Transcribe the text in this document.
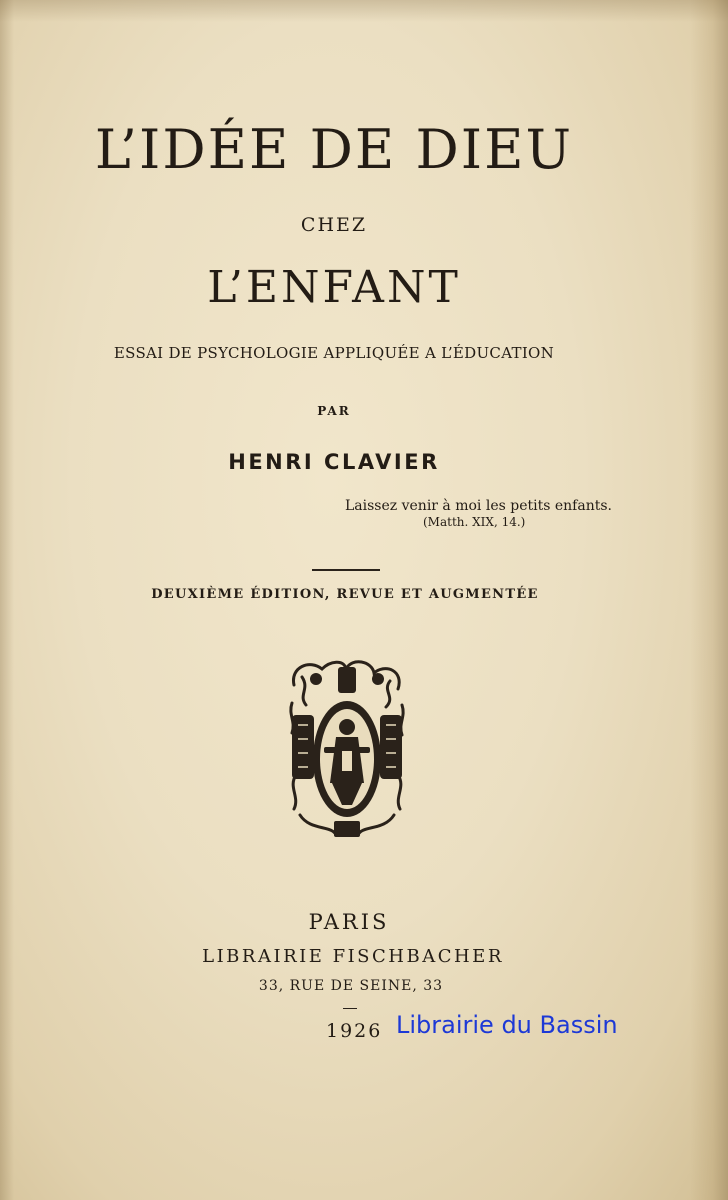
L’IDÉE DE DIEU
CHEZ
L’ENFANT
ESSAI DE PSYCHOLOGIE APPLIQUÉE A L’ÉDUCATION
PAR
HENRI CLAVIER
Laissez venir à moi les petits enfants.
(Matth. XIX, 14.)
DEUXIÈME ÉDITION, REVUE ET AUGMENTÉE
PARIS
LIBRAIRIE FISCHBACHER
33, RUE DE SEINE, 33
1926 Librairie du Bassin
